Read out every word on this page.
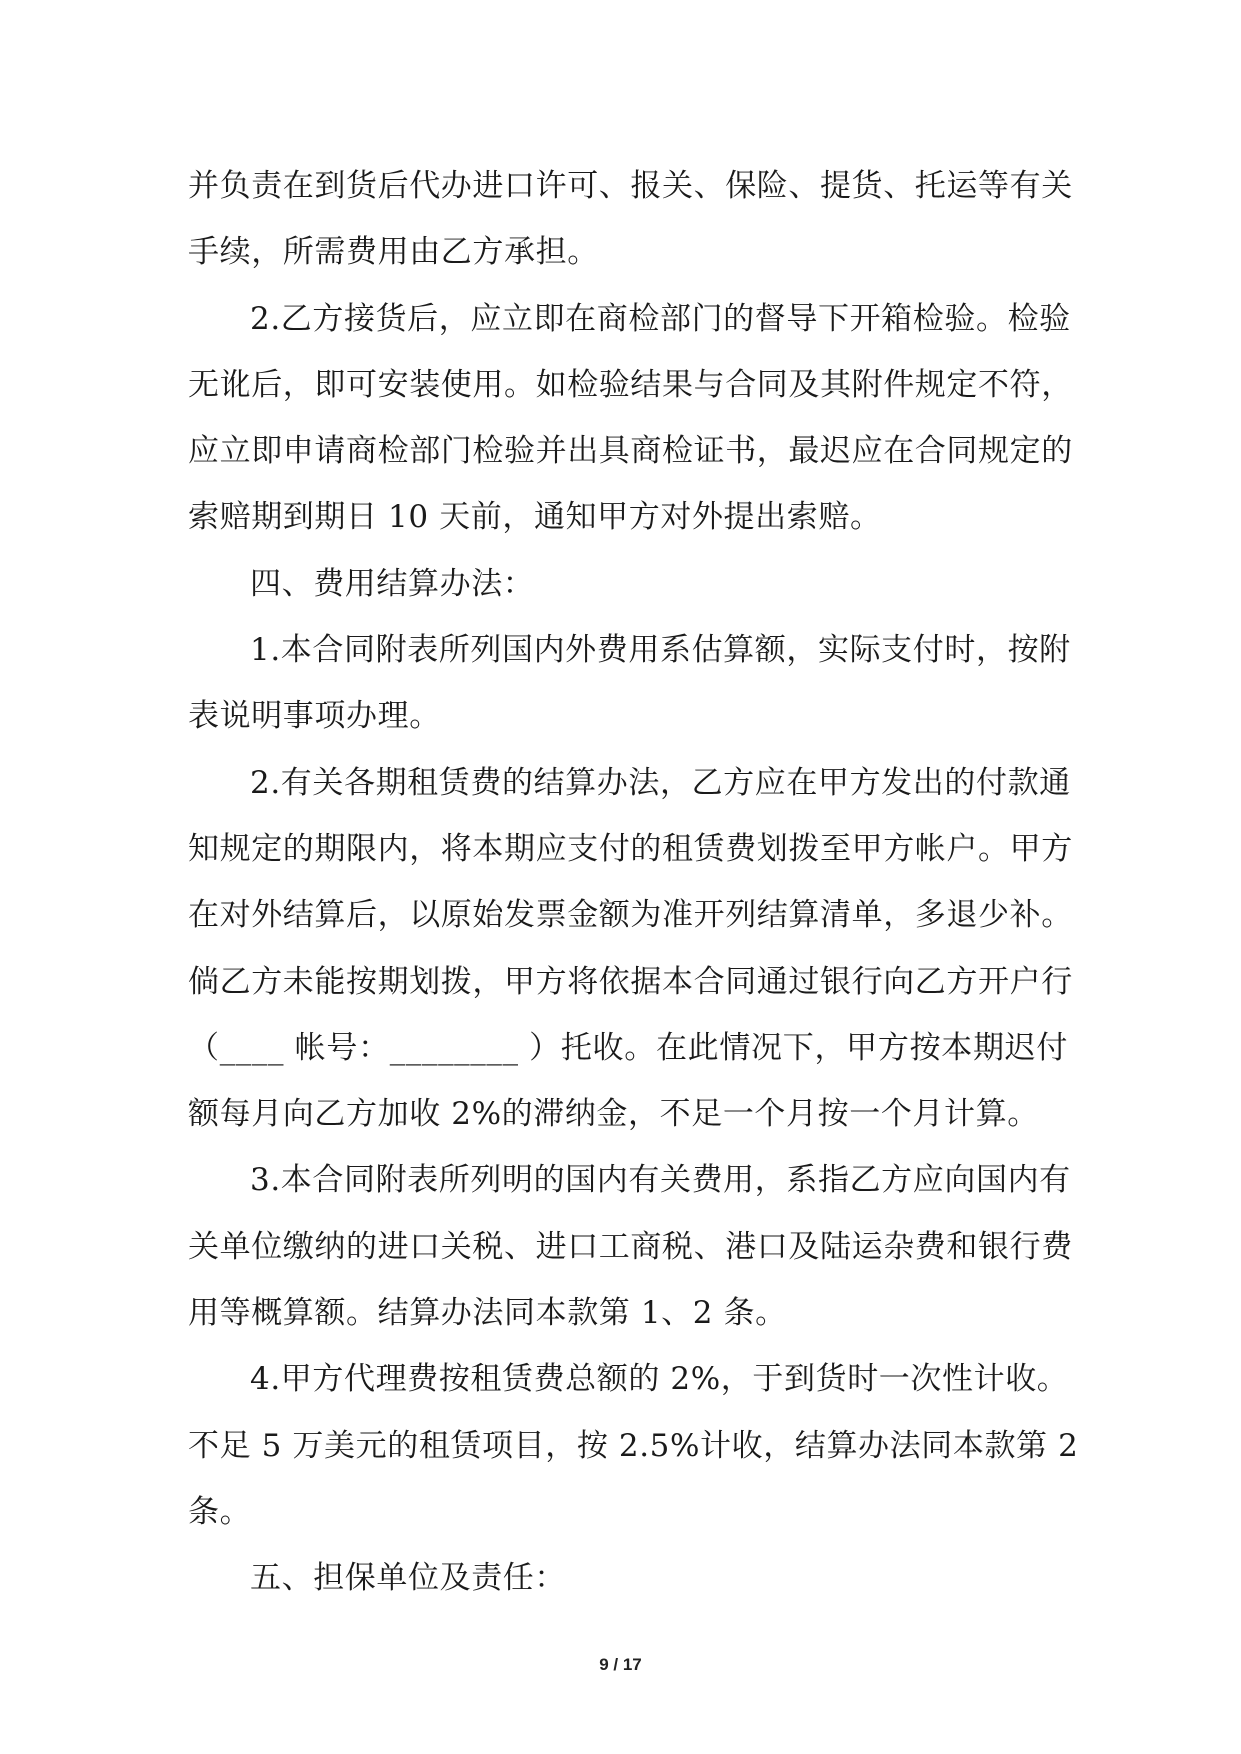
并负责在到货后代办进口许可、报关、保险、提货、托运等有关
手续，所需费用由乙方承担。
2.乙方接货后，应立即在商检部门的督导下开箱检验。检验
无讹后，即可安装使用。如检验结果与合同及其附件规定不符，
应立即申请商检部门检验并出具商检证书，最迟应在合同规定的
索赔期到期日 10 天前，通知甲方对外提出索赔。
四、费用结算办法：
1.本合同附表所列国内外费用系估算额，实际支付时，按附
表说明事项办理。
2.有关各期租赁费的结算办法，乙方应在甲方发出的付款通
知规定的期限内，将本期应支付的租赁费划拨至甲方帐户。甲方
在对外结算后，以原始发票金额为准开列结算清单，多退少补。
倘乙方未能按期划拨，甲方将依据本合同通过银行向乙方开户行
（____ 帐号：________ ）托收。在此情况下，甲方按本期迟付
额每月向乙方加收 2%的滞纳金，不足一个月按一个月计算。
3.本合同附表所列明的国内有关费用，系指乙方应向国内有
关单位缴纳的进口关税、进口工商税、港口及陆运杂费和银行费
用等概算额。结算办法同本款第 1、2 条。
4.甲方代理费按租赁费总额的 2%，于到货时一次性计收。
不足 5 万美元的租赁项目，按 2.5%计收，结算办法同本款第 2
条。
五、担保单位及责任：
9 / 17
